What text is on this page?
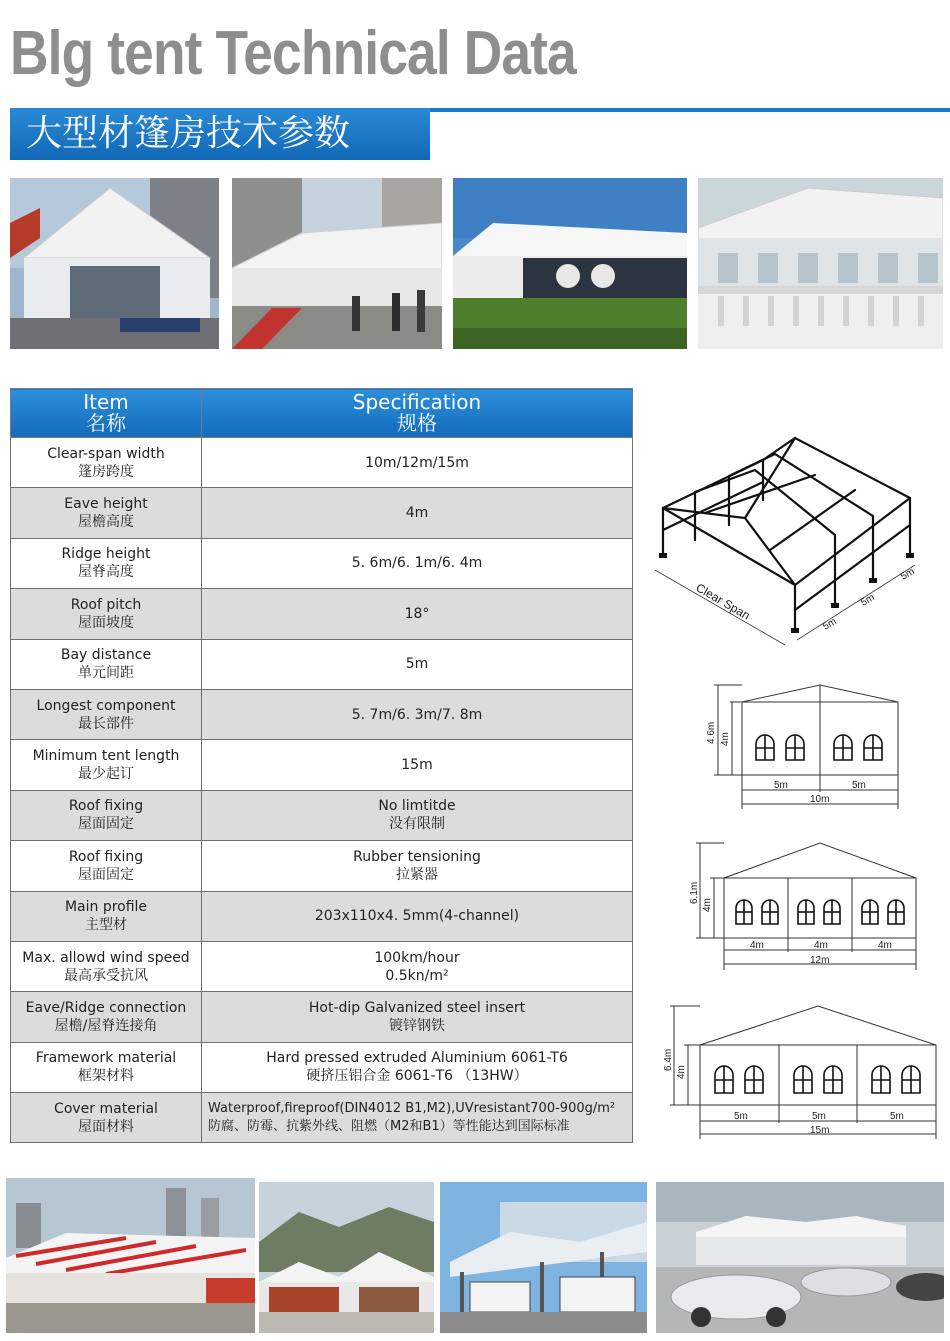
Blg tent Technical Data
大型材篷房技术参数
Item
名称	Specification
规格

Clear-span width
篷房跨度	10m/12m/15m

Eave height
屋檐高度	4m

Ridge height
屋脊高度	5. 6m/6. 1m/6. 4m

Roof pitch
屋面坡度	18°

Bay distance
单元间距	5m

Longest component
最长部件	5. 7m/6. 3m/7. 8m

Minimum tent length
最少起订	15m

Roof fixing
屋面固定	No limtitde
没有限制

Roof fixing
屋面固定	Rubber tensioning
拉紧器

Main profile
主型材	203x110x4. 5mm(4-channel)

Max. allowd wind speed
最高承受抗风	100km/hour
0.5kn/m²

Eave/Ridge connection
屋檐/屋脊连接角	Hot-dip Galvanized steel insert
镀锌钢铁

Framework material
框架材料	Hard pressed extruded Aluminium 6061-T6
硬挤压铝合金 6061-T6 （13HW）

Cover material
屋面材料	Waterproof,fireproof(DIN4012 B1,M2),UVresistant700-900g/m²
防腐、防霉、抗紫外线、阻燃（M2和B1）等性能达到国际标准
Clear Span
5m
5m
5m
4.6m 4m
5m	5m
10m
6.1m
4m
4m	4m	4m
12m
6.4m
4m
5m	5m	5m
15m
